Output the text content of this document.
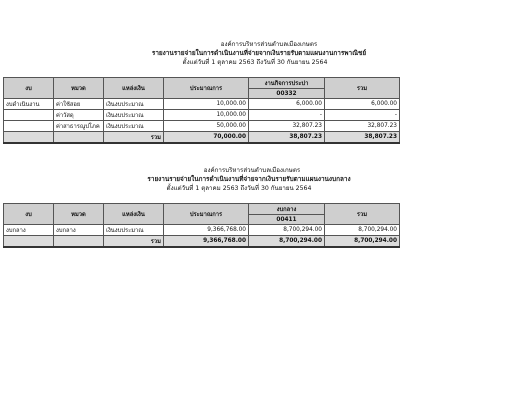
องค์การบริหารส่วนตำบลเมืองเกษตร
รายงานรายจ่ายในการดำเนินงานที่จ่ายจากเงินรายรับตามแผนงานการพาณิชย์
ตั้งแต่วันที่ 1 ตุลาคม 2563 ถึงวันที่ 30 กันยายน 2564
งบ	หมวด	แหล่งเงิน	ประมาณการ	งานกิจการประปา	รวม
				00332	
งบดำเนินงาน	ค่าใช้สอย	เงินงบประมาณ	10,000.00	6,000.00	6,000.00
	ค่าวัสดุ	เงินงบประมาณ	10,000.00	-	-
	ค่าสาธารณูปโภค	เงินงบประมาณ	50,000.00	32,807.23	32,807.23
		รวม	70,000.00	38,807.23	38,807.23
องค์การบริหารส่วนตำบลเมืองเกษตร
รายงานรายจ่ายในการดำเนินงานที่จ่ายจากเงินรายรับตามแผนงานงบกลาง
ตั้งแต่วันที่ 1 ตุลาคม 2563 ถึงวันที่ 30 กันยายน 2564
งบ	หมวด	แหล่งเงิน	ประมาณการ	งบกลาง	รวม
				00411	
งบกลาง	งบกลาง	เงินงบประมาณ	9,366,768.00	8,700,294.00	8,700,294.00
		รวม	9,366,768.00	8,700,294.00	8,700,294.00
